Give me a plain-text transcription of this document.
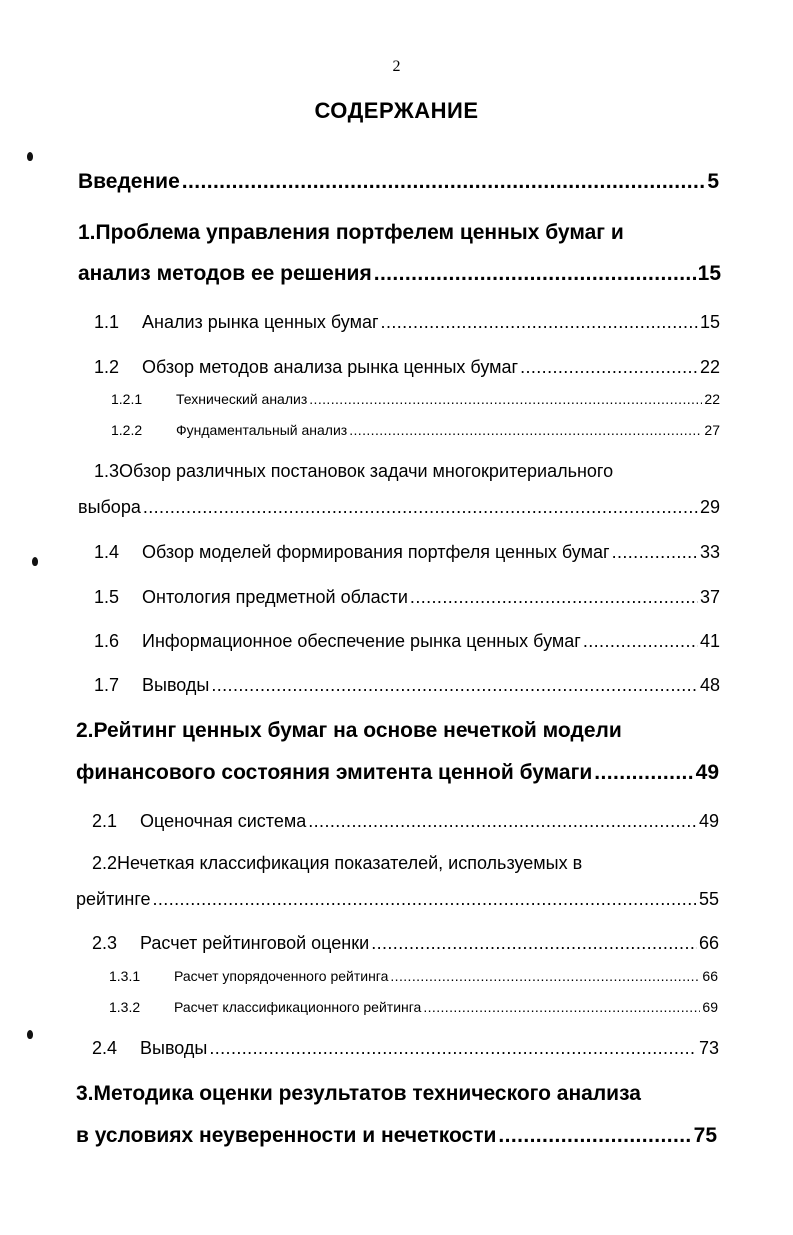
2
СОДЕРЖАНИЕ
Введение .....	5
1.Проблема управления портфелем ценных бумаг и
анализ методов ее решения .....	15
1.1	Анализ рынка ценных бумаг .....	15
1.2	Обзор методов анализа рынка ценных бумаг .....	22
1.2.1	Технический анализ .....	22
1.2.2	Фундаментальный анализ .....	27
1.3Обзор различных постановок задачи многокритериального
выбора .....	29
1.4	Обзор моделей формирования портфеля ценных бумаг .....	33
1.5	Онтология предметной области .....	37
1.6	Информационное обеспечение рынка ценных бумаг .....	41
1.7	Выводы .....	48
2.Рейтинг ценных бумаг на основе нечеткой модели
финансового состояния эмитента ценной бумаги .....	49
2.1	Оценочная система .....	49
2.2Нечеткая классификация показателей, используемых в
рейтинге .....	55
2.3	Расчет рейтинговой оценки .....	66
1.3.1	Расчет упорядоченного рейтинга .....	66
1.3.2	Расчет классификационного рейтинга .....	69
2.4	Выводы .....	73
3.Методика оценки результатов технического анализа
в условиях неуверенности и нечеткости .....	75
